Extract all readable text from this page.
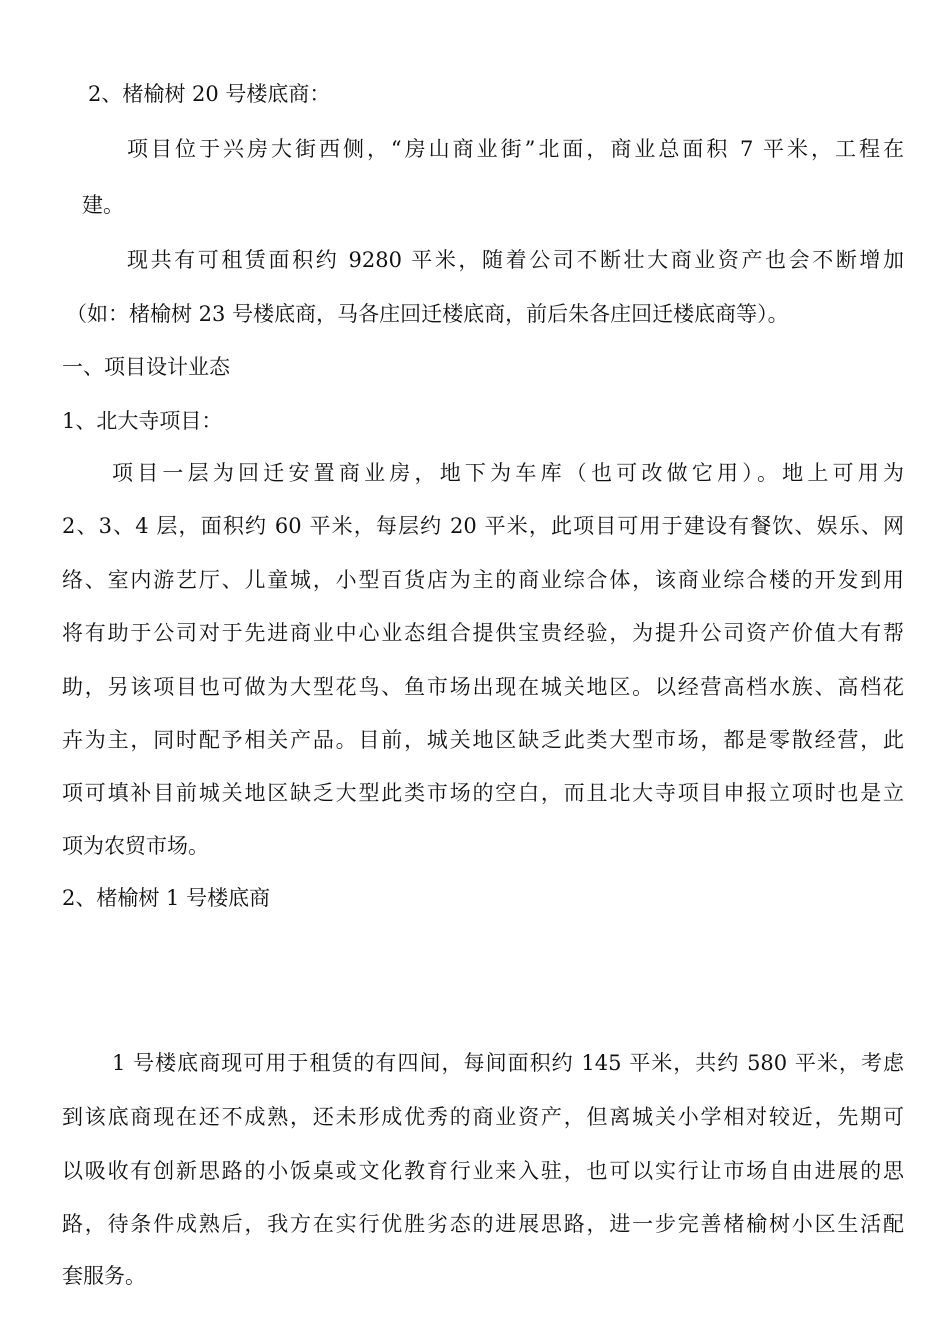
2、楮榆树 20 号楼底商：
项目位于兴房大街西侧，“房山商业街”北面，商业总面积 7 平米，工程在
建。
现共有可租赁面积约 9280 平米，随着公司不断壮大商业资产也会不断增加
（如：楮榆树 23 号楼底商，马各庄回迁楼底商，前后朱各庄回迁楼底商等）。
一、项目设计业态
1、北大寺项目：
项目一层为回迁安置商业房，地下为车库（也可改做它用）。地上可用为
2、3、4 层，面积约 60 平米，每层约 20 平米，此项目可用于建设有餐饮、娱乐、网
络、室内游艺厅、儿童城，小型百货店为主的商业综合体，该商业综合楼的开发到用
将有助于公司对于先进商业中心业态组合提供宝贵经验，为提升公司资产价值大有帮
助，另该项目也可做为大型花鸟、鱼市场出现在城关地区。以经营高档水族、高档花
卉为主，同时配予相关产品。目前，城关地区缺乏此类大型市场，都是零散经营，此
项可填补目前城关地区缺乏大型此类市场的空白，而且北大寺项目申报立项时也是立
项为农贸市场。
2、楮榆树 1 号楼底商
1 号楼底商现可用于租赁的有四间，每间面积约 145 平米，共约 580 平米，考虑
到该底商现在还不成熟，还未形成优秀的商业资产，但离城关小学相对较近，先期可
以吸收有创新思路的小饭桌或文化教育行业来入驻，也可以实行让市场自由进展的思
路，待条件成熟后，我方在实行优胜劣态的进展思路，进一步完善楮榆树小区生活配
套服务。
